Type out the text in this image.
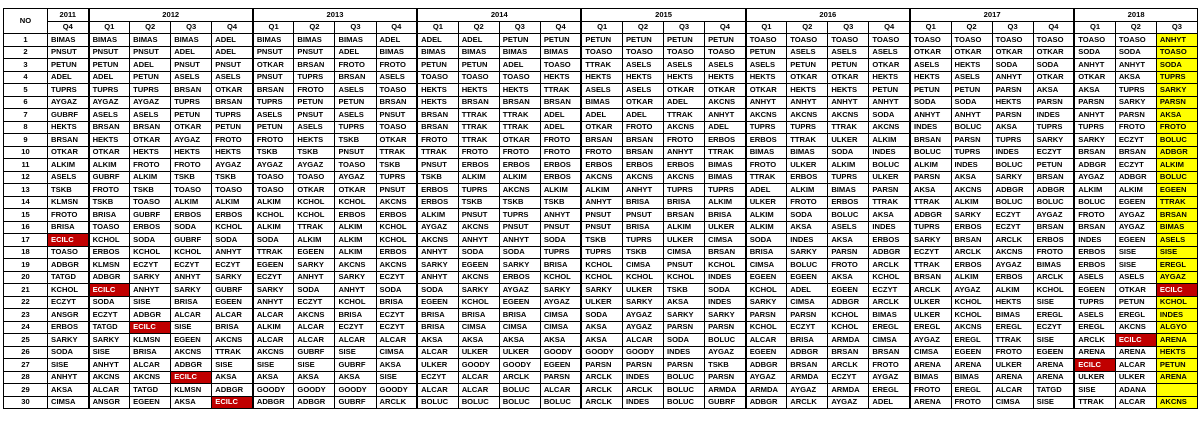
NO	2011	2012				2013				2014				2015				2016				2017				2018		
	Q4	Q1	Q2	Q3	Q4	Q1	Q2	Q3	Q4	Q1	Q2	Q3	Q4	Q1	Q2	Q3	Q4	Q1	Q2	Q3	Q4	Q1	Q2	Q3	Q4	Q1	Q2	Q3
1	BIMAS	BIMAS	BIMAS	BIMAS	ADEL	BIMAS	BIMAS	BIMAS	ADEL	ADEL	ADEL	PETUN	PETUN	PETUN	PETUN	PETUN	PETUN	TOASO	TOASO	TOASO	TOASO	TOASO	TOASO	TOASO	TOASO	TOASO	TOASO	ANHYT
2	PNSUT	PNSUT	PNSUT	ADEL	ADEL	PNSUT	PNSUT	ADEL	BIMAS	BIMAS	BIMAS	BIMAS	BIMAS	TOASO	TOASO	TOASO	TOASO	PETUN	ASELS	ASELS	ASELS	OTKAR	OTKAR	OTKAR	OTKAR	SODA	SODA	TOASO
3	PETUN	PETUN	ADEL	PNSUT	PNSUT	OTKAR	BRSAN	FROTO	FROTO	PETUN	PETUN	ADEL	TOASO	TTRAK	ASELS	ASELS	ASELS	ASELS	PETUN	PETUN	OTKAR	ASELS	HEKTS	SODA	SODA	ANHYT	ANHYT	SODA
4	ADEL	ADEL	PETUN	ASELS	ASELS	PNSUT	TUPRS	BRSAN	ASELS	TOASO	TOASO	TOASO	HEKTS	HEKTS	HEKTS	HEKTS	HEKTS	HEKTS	OTKAR	OTKAR	HEKTS	HEKTS	ASELS	ANHYT	OTKAR	OTKAR	AKSA	TUPRS
5	TUPRS	TUPRS	TUPRS	BRSAN	OTKAR	BRSAN	FROTO	ASELS	TOASO	HEKTS	HEKTS	HEKTS	TTRAK	ASELS	ASELS	OTKAR	OTKAR	OTKAR	HEKTS	HEKTS	PETUN	PETUN	PETUN	PARSN	AKSA	AKSA	TUPRS	SARKY
6	AYGAZ	AYGAZ	AYGAZ	TUPRS	BRSAN	TUPRS	PETUN	PETUN	BRSAN	HEKTS	BRSAN	BRSAN	BRSAN	BIMAS	OTKAR	ADEL	AKCNS	ANHYT	ANHYT	ANHYT	ANHYT	SODA	SODA	HEKTS	PARSN	PARSN	SARKY	PARSN
7	GUBRF	ASELS	ASELS	PETUN	TUPRS	ASELS	PNSUT	ASELS	PNSUT	BRSAN	TTRAK	TTRAK	ADEL	ADEL	ADEL	TTRAK	ANHYT	AKCNS	AKCNS	AKCNS	SODA	ANHYT	ANHYT	PARSN	INDES	ANHYT	PARSN	AKSA
8	HEKTS	BRSAN	BRSAN	OTKAR	PETUN	PETUN	ASELS	TUPRS	TOASO	BRSAN	TTRAK	TTRAK	ADEL	OTKAR	FROTO	AKCNS	ADEL	TUPRS	TUPRS	TTRAK	AKCNS	INDES	BOLUC	AKSA	TUPRS	TUPRS	FROTO	FROTO
9	BRSAN	HEKTS	OTKAR	AYGAZ	FROTO	FROTO	HEKTS	TSKB	OTKAR	FROTO	TTRAK	OTKAR	FROTO	BRSAN	BRSAN	FROTO	ERBOS	ERBOS	TTRAK	ULKER	ALKIM	BRSAN	PARSN	TUPRS	SARKY	SARKY	ECZYT	BOLUC
10	OTKAR	OTKAR	HEKTS	HEKTS	HEKTS	TSKB	TSKB	PNSUT	TTRAK	TTRAK	FROTO	FROTO	FROTO	FROTO	BRSAN	ANHYT	TTRAK	BIMAS	BIMAS	SODA	INDES	BOLUC	TUPRS	INDES	ECZYT	BRSAN	BRSAN	ADBGR
11	ALKIM	ALKIM	FROTO	FROTO	AYGAZ	AYGAZ	AYGAZ	TOASO	TSKB	PNSUT	ERBOS	ERBOS	ERBOS	ERBOS	ERBOS	ERBOS	BIMAS	FROTO	ULKER	ALKIM	BOLUC	ALKIM	INDES	BOLUC	PETUN	ADBGR	ECZYT	ALKIM
12	ASELS	GUBRF	ALKIM	TSKB	TSKB	TOASO	TOASO	AYGAZ	TUPRS	TSKB	ALKIM	ALKIM	ERBOS	AKCNS	AKCNS	AKCNS	BIMAS	TTRAK	ERBOS	TUPRS	ULKER	PARSN	AKSA	SARKY	BRSAN	AYGAZ	ADBGR	BOLUC
13	TSKB	FROTO	TSKB	TOASO	TOASO	TOASO	OTKAR	OTKAR	PNSUT	ERBOS	TUPRS	AKCNS	ALKIM	ALKIM	ANHYT	TUPRS	TUPRS	ADEL	ALKIM	BIMAS	PARSN	AKSA	AKCNS	ADBGR	ADBGR	ALKIM	ALKIM	EGEEN
14	KLMSN	TSKB	TOASO	ALKIM	ALKIM	ALKIM	KCHOL	KCHOL	AKCNS	ERBOS	TSKB	TSKB	TSKB	ANHYT	BRISA	BRISA	ALKIM	ULKER	FROTO	ERBOS	TTRAK	TTRAK	ALKIM	BOLUC	BOLUC	BOLUC	EGEEN	TTRAK
15	FROTO	BRISA	GUBRF	ERBOS	ERBOS	KCHOL	KCHOL	ERBOS	ERBOS	ALKIM	PNSUT	TUPRS	ANHYT	PNSUT	PNSUT	BRSAN	BRISA	ALKIM	SODA	BOLUC	AKSA	ADBGR	SARKY	ECZYT	AYGAZ	FROTO	AYGAZ	BRSAN
16	BRISA	TOASO	ERBOS	SODA	KCHOL	ALKIM	TTRAK	ALKIM	KCHOL	AYGAZ	AKCNS	PNSUT	PNSUT	PNSUT	BRISA	ALKIM	ULKER	ALKIM	AKSA	ASELS	INDES	TUPRS	ERBOS	ECZYT	BRSAN	BRSAN	AYGAZ	BIMAS
17	ECILC	KCHOL	SODA	GUBRF	SODA	SODA	ALKIM	ALKIM	KCHOL	AKCNS	ANHYT	ANHYT	SODA	TSKB	TUPRS	ULKER	CIMSA	SODA	INDES	AKSA	ERBOS	SARKY	BRSAN	ARCLK	ERBOS	INDES	EGEEN	ASELS
18	TOASO	ERBOS	KCHOL	KCHOL	ANHYT	TTRAK	EGEEN	ALKIM	ERBOS	ANHYT	SODA	SODA	TUPRS	TUPRS	TSKB	CIMSA	BRSAN	BRISA	SARKY	PARSN	ADBGR	ECZYT	ARCLK	AKCNS	FROTO	ERBOS	SISE	SISE
19	ADBGR	KLMSN	ECZYT	ECZYT	ECZYT	EGEEN	SARKY	AKCNS	AKCNS	SARKY	EGEEN	SARKY	BRISA	KCHOL	CIMSA	PNSUT	KCHOL	CIMSA	BOLUC	FROTO	ARCLK	TTRAK	ERBOS	AYGAZ	BIMAS	ERBOS	SISE	EREGL
20	TATGD	ADBGR	SARKY	ANHYT	SARKY	ECZYT	ANHYT	SARKY	ECZYT	ANHYT	AKCNS	ERBOS	KCHOL	KCHOL	KCHOL	KCHOL	INDES	EGEEN	EGEEN	AKSA	KCHOL	BRSAN	ALKIM	ERBOS	ARCLK	ASELS	ASELS	AYGAZ
21	KCHOL	ECILC	ANHYT	SARKY	GUBRF	SARKY	SODA	ANHYT	SODA	SODA	SARKY	AYGAZ	SARKY	SARKY	ULKER	TSKB	SODA	KCHOL	ADEL	EGEEN	ECZYT	ARCLK	AYGAZ	ALKIM	KCHOL	EGEEN	OTKAR	ECILC
22	ECZYT	SODA	SISE	BRISA	EGEEN	ANHYT	ECZYT	KCHOL	BRISA	EGEEN	KCHOL	EGEEN	AYGAZ	ULKER	SARKY	AKSA	INDES	SARKY	CIMSA	ADBGR	ARCLK	ULKER	KCHOL	HEKTS	SISE	TUPRS	PETUN	KCHOL
23	ANSGR	ECZYT	ADBGR	ALCAR	ALCAR	ALCAR	AKCNS	BRISA	ECZYT	BRISA	BRISA	BRISA	CIMSA	SODA	AYGAZ	SARKY	SARKY	PARSN	PARSN	KCHOL	BIMAS	ULKER	KCHOL	BIMAS	EREGL	ASELS	EREGL	INDES
24	ERBOS	TATGD	ECILC	SISE	BRISA	ALKIM	ALCAR	ECZYT	ECZYT	BRISA	CIMSA	CIMSA	CIMSA	AKSA	AYGAZ	PARSN	PARSN	KCHOL	ECZYT	KCHOL	EREGL	EREGL	AKCNS	EREGL	ECZYT	EREGL	AKCNS	ALGYO
25	SARKY	SARKY	KLMSN	EGEEN	AKCNS	ALCAR	ALCAR	ALCAR	ALCAR	AKSA	AKSA	AKSA	AKSA	AKSA	ALCAR	SODA	BOLUC	ALCAR	BRISA	ARMDA	CIMSA	AYGAZ	EREGL	TTRAK	SISE	ARCLK	ECILC	ARENA
26	SODA	SISE	BRISA	AKCNS	TTRAK	AKCNS	GUBRF	SISE	CIMSA	ALCAR	ULKER	ULKER	GOODY	GOODY	GOODY	INDES	AYGAZ	EGEEN	ADBGR	BRSAN	BRSAN	CIMSA	EGEEN	FROTO	EGEEN	ARENA	ARENA	HEKTS
27	SISE	ANHYT	ALCAR	ADBGR	SISE	SISE	SISE	GUBRF	AKSA	ULKER	GOODY	GOODY	EGEEN	PARSN	PARSN	PARSN	TSKB	ADBGR	BRSAN	ARCLK	FROTO	ARENA	ARENA	ULKER	ARENA	ECILC	ALCAR	PETUN
28	ANHYT	AKCNS	AKCNS	ECILC	AKSA	AKSA	AKSA	AKSA	SISE	ECZYT	ALCAR	ARCLK	PARSN	ARCLK	INDES	BOLUC	PARSN	AYGAZ	ARMDA	ECZYT	AYGAZ	BIMAS	BIMAS	ARENA	ARENA	ULKER	ULKER	ARENA
29	AKSA	ALCAR	TATGD	KLMSN	ADBGR	GOODY	GOODY	GOODY	GOODY	ALCAR	ALCAR	BOLUC	ALCAR	ARCLK	ARCLK	BOLUC	ARMDA	ARMDA	AYGAZ	ARMDA	EREGL	FROTO	EREGL	ALCAR	TATGD	SISE	ADANA	
30	CIMSA	ANSGR	EGEEN	AKSA	ECILC	ADBGR	ADBGR	GUBRF	ARCLK	BOLUC	BOLUC	BOLUC	BOLUC	ARCLK	INDES	BOLUC	GUBRF	ADBGR	ARCLK	AYGAZ	ADEL	ARENA	FROTO	CIMSA	SISE	TTRAK	ALCAR	AKCNS
